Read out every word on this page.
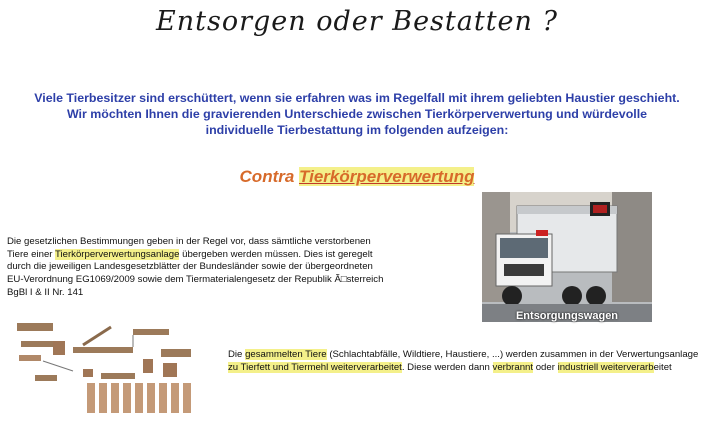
Entsorgen oder Bestatten ?
Viele Tierbesitzer sind erschüttert, wenn sie erfahren was im Regelfall mit ihrem geliebten Haustier geschieht.
Wir möchten Ihnen die gravierenden Unterschiede zwischen Tierkörperverwertung und würdevolle
individuelle Tierbestattung im folgenden aufzeigen:
Contra Tierkörperverwertung
Entsorgungswagen
Die gesetzlichen Bestimmungen geben in der Regel vor, dass sämtliche verstorbenen Tiere einer Tierkörperverwertungsanlage übergeben werden müssen. Dies ist geregelt durch die jeweiligen Landesgesetzblätter der Bundesländer sowie der übergeordneten EU-Verordnung EG1069/2009 sowie dem Tiermaterialengesetz der Republik Ã□sterreich BgBl I & II Nr. 141
Die gesammelten Tiere (Schlachtabfälle, Wildtiere, Haustiere, ...) werden zusammen in der Verwertungsanlage zu Tierfett und Tiermehl weiterverarbeitet. Diese werden dann verbrannt oder industriell weiterverarbeitet
